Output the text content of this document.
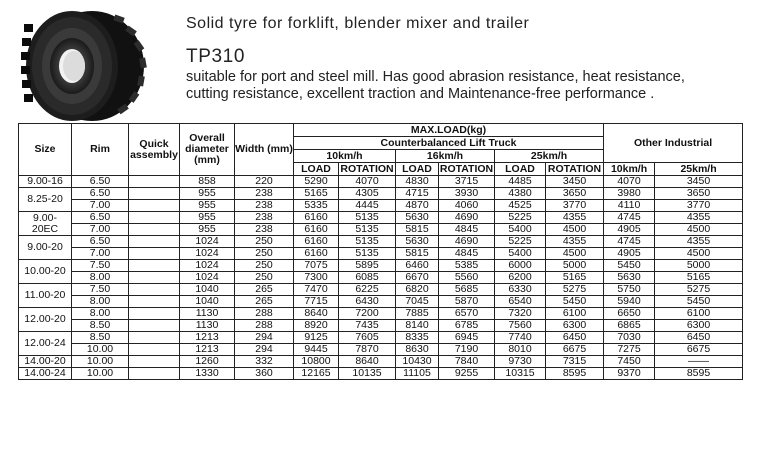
Solid tyre for forklift, blender mixer and trailer
TP310
suitable for port and steel mill. Has good abrasion resistance, heat resistance, cutting resistance, excellent traction and Maintenance-free performance .
Size	Rim	Quick assembly	Overall diameter (mm)	Width (mm)	MAX.LOAD(kg)						Other Industrial	
					Counterbalanced Lift Truck							
					10km/h		16km/h		25km/h			
					LOAD	ROTATION	LOAD	ROTATION	LOAD	ROTATION	10km/h	25km/h
9.00-16	6.50		858	220	5290	4070	4830	3715	4485	3450	4070	3450
8.25-20	6.50		955	238	5165	4305	4715	3930	4380	3650	3980	3650
	7.00		955	238	5335	4445	4870	4060	4525	3770	4110	3770
9.00- 20EC	6.50		955	238	6160	5135	5630	4690	5225	4355	4745	4355
	7.00		955	238	6160	5135	5815	4845	5400	4500	4905	4500
9.00-20	6.50		1024	250	6160	5135	5630	4690	5225	4355	4745	4355
	7.00		1024	250	6160	5135	5815	4845	5400	4500	4905	4500
10.00-20	7.50		1024	250	7075	5895	6460	5385	6000	5000	5450	5000
	8.00		1024	250	7300	6085	6670	5560	6200	5165	5630	5165
11.00-20	7.50		1040	265	7470	6225	6820	5685	6330	5275	5750	5275
	8.00		1040	265	7715	6430	7045	5870	6540	5450	5940	5450
12.00-20	8.00		1130	288	8640	7200	7885	6570	7320	6100	6650	6100
	8.50		1130	288	8920	7435	8140	6785	7560	6300	6865	6300
12.00-24	8.50		1213	294	9125	7605	8335	6945	7740	6450	7030	6450
	10.00		1213	294	9445	7870	8630	7190	8010	6675	7275	6675
14.00-20	10.00		1260	332	10800	8640	10430	7840	9730	7315	7450	——
14.00-24	10.00		1330	360	12165	10135	11105	9255	10315	8595	9370	8595
